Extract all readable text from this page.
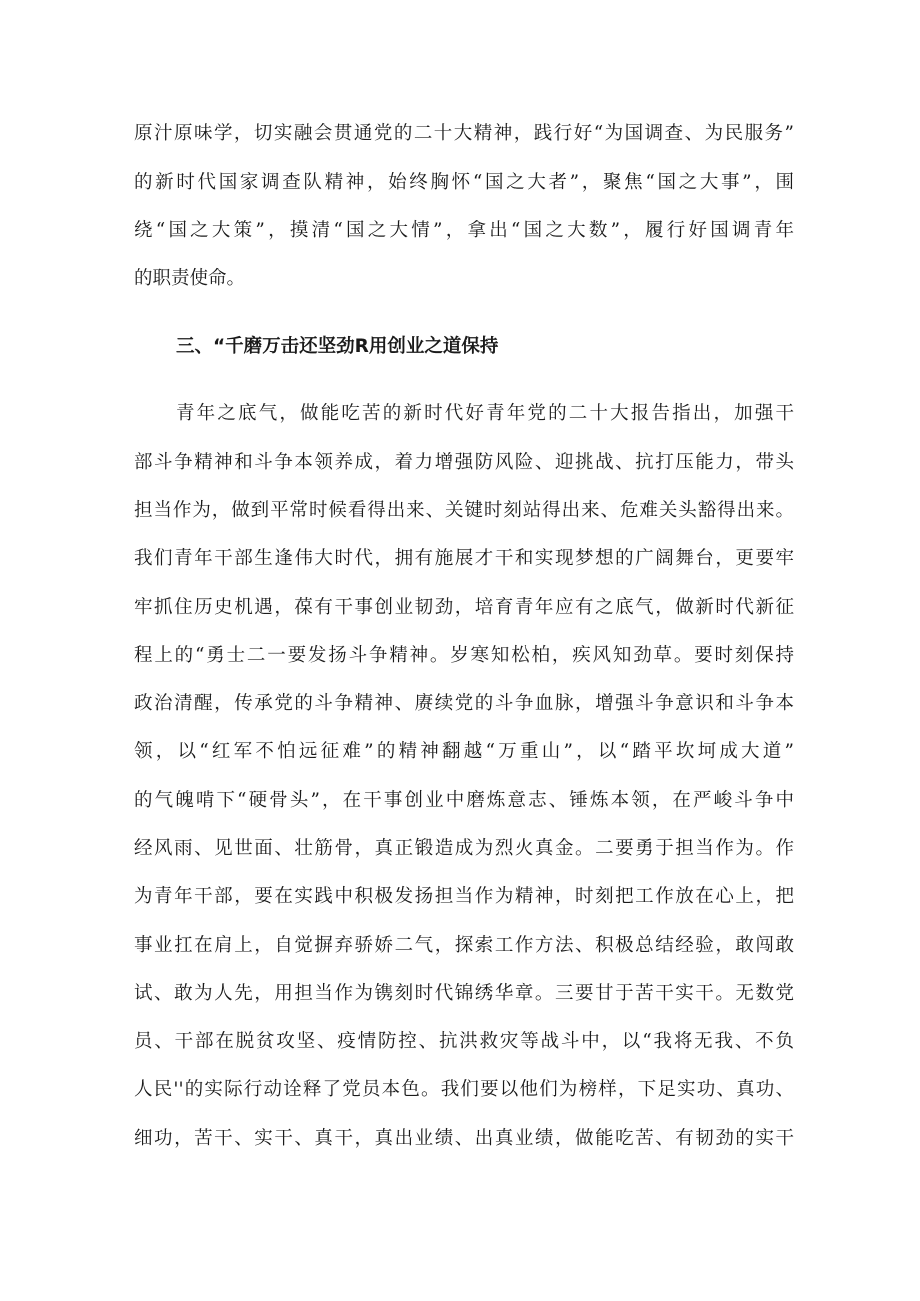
原汁原味学，切实融会贯通党的二十大精神，践行好“为国调查、为民服务”
的新时代国家调查队精神，始终胸怀“国之大者”，聚焦“国之大事”，围
绕“国之大策”，摸清“国之大情”，拿出“国之大数”，履行好国调青年
的职责使命。
三、“千磨万击还坚劲R用创业之道保持
青年之底气，做能吃苦的新时代好青年党的二十大报告指出，加强干
部斗争精神和斗争本领养成，着力增强防风险、迎挑战、抗打压能力，带头
担当作为，做到平常时候看得出来、关键时刻站得出来、危难关头豁得出来。
我们青年干部生逢伟大时代，拥有施展才干和实现梦想的广阔舞台，更要牢
牢抓住历史机遇，葆有干事创业韧劲，培育青年应有之底气，做新时代新征
程上的“勇士二一要发扬斗争精神。岁寒知松柏，疾风知劲草。要时刻保持
政治清醒，传承党的斗争精神、赓续党的斗争血脉，增强斗争意识和斗争本
领，以“红军不怕远征难”的精神翻越“万重山”，以“踏平坎坷成大道”
的气魄啃下“硬骨头”，在干事创业中磨炼意志、锤炼本领，在严峻斗争中
经风雨、见世面、壮筋骨，真正锻造成为烈火真金。二要勇于担当作为。作
为青年干部，要在实践中积极发扬担当作为精神，时刻把工作放在心上，把
事业扛在肩上，自觉摒弃骄娇二气，探索工作方法、积极总结经验，敢闯敢
试、敢为人先，用担当作为镌刻时代锦绣华章。三要甘于苦干实干。无数党
员、干部在脱贫攻坚、疫情防控、抗洪救灾等战斗中，以“我将无我、不负
人民''的实际行动诠释了党员本色。我们要以他们为榜样，下足实功、真功、
细功，苦干、实干、真干，真出业绩、出真业绩，做能吃苦、有韧劲的实干
